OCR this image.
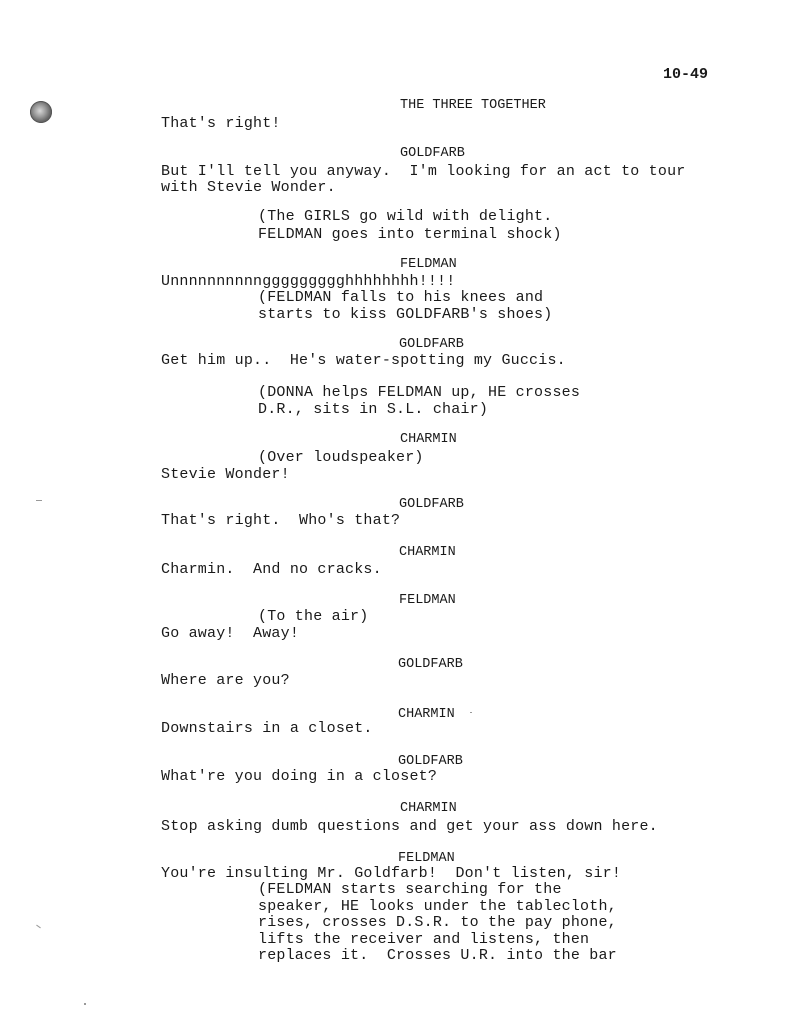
10-49
THE THREE TOGETHER
That's right!
GOLDFARB
But I'll tell you anyway.  I'm looking for an act to tour
with Stevie Wonder.
(The GIRLS go wild with delight.
FELDMAN goes into terminal shock)
FELDMAN
Unnnnnnnnnnggggggggghhhhhhhh!!!!
(FELDMAN falls to his knees and
starts to kiss GOLDFARB's shoes)
GOLDFARB
Get him up..  He's water-spotting my Guccis.
(DONNA helps FELDMAN up, HE crosses
D.R., sits in S.L. chair)
CHARMIN
(Over loudspeaker)
Stevie Wonder!
GOLDFARB
That's right.  Who's that?
CHARMIN
Charmin.  And no cracks.
FELDMAN
(To the air)
Go away!  Away!
GOLDFARB
Where are you?
CHARMIN
Downstairs in a closet.
GOLDFARB
What're you doing in a closet?
CHARMIN
Stop asking dumb questions and get your ass down here.
FELDMAN
You're insulting Mr. Goldfarb!  Don't listen, sir!
(FELDMAN starts searching for the
speaker, HE looks under the tablecloth,
rises, crosses D.S.R. to the pay phone,
lifts the receiver and listens, then
replaces it.  Crosses U.R. into the bar
